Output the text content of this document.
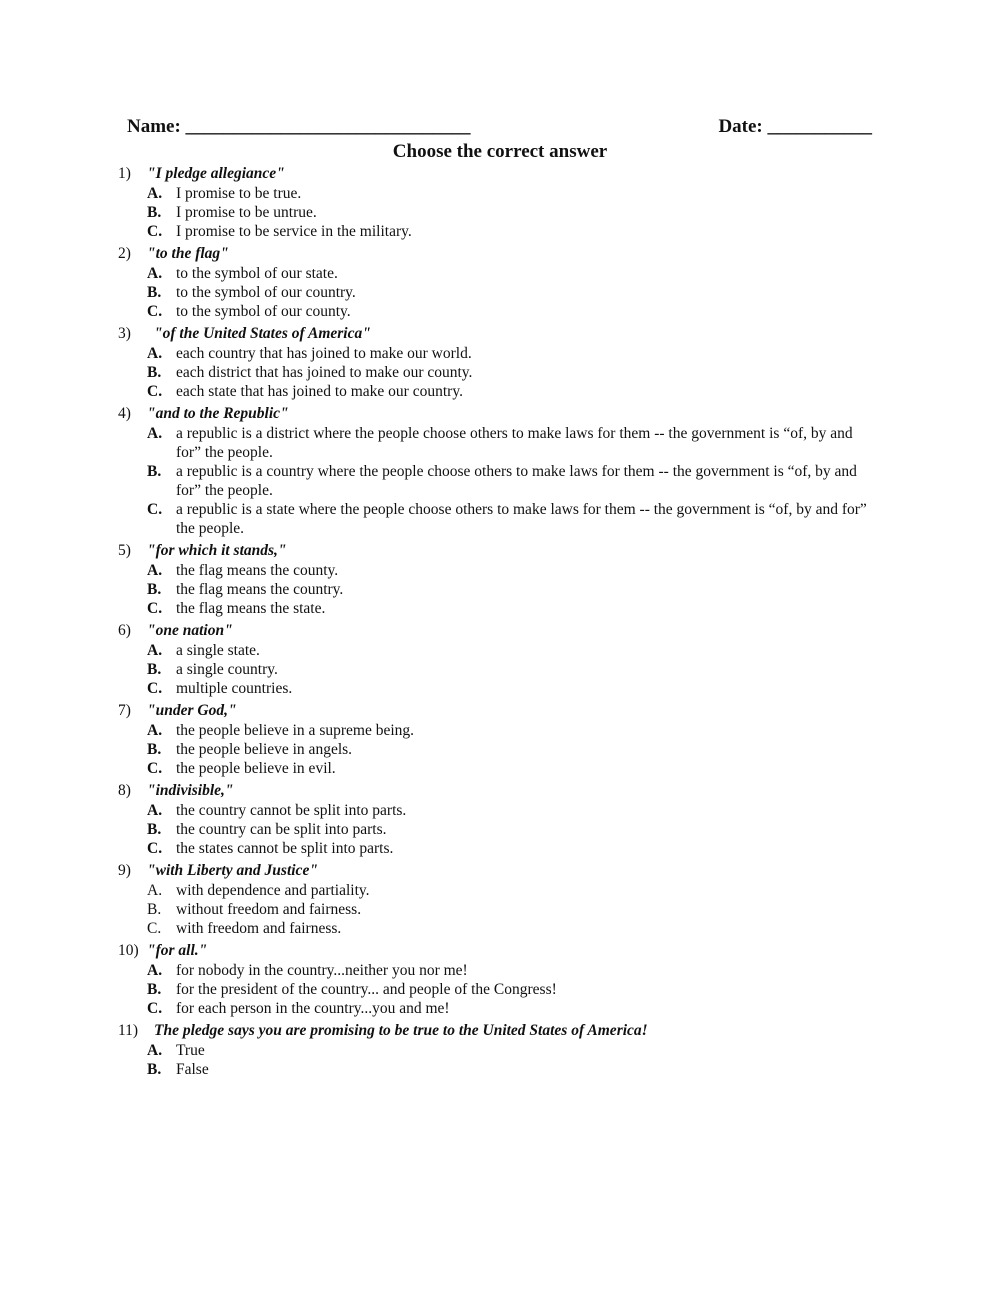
Name: ______________________________	Date: ___________
Choose the correct answer
1) "I pledge allegiance"
A. I promise to be true.
B. I promise to be untrue.
C. I promise to be service in the military.
2) "to the flag"
A. to the symbol of our state.
B. to the symbol of our country.
C. to the symbol of our county.
3) "of the United States of America"
A. each country that has joined to make our world.
B. each district that has joined to make our county.
C. each state that has joined to make our country.
4) "and to the Republic"
A. a republic is a district where the people choose others to make laws for them -- the government is “of, by and for” the people.
B. a republic is a country where the people choose others to make laws for them -- the government is “of, by and for” the people.
C. a republic is a state where the people choose others to make laws for them -- the government is “of, by and for” the people.
5) "for which it stands,"
A. the flag means the county.
B. the flag means the country.
C. the flag means the state.
6) "one nation"
A. a single state.
B. a single country.
C. multiple countries.
7) "under God,"
A. the people believe in a supreme being.
B. the people believe in angels.
C. the people believe in evil.
8) "indivisible,"
A. the country cannot be split into parts.
B. the country can be split into parts.
C. the states cannot be split into parts.
9) "with Liberty and Justice"
A. with dependence and partiality.
B. without freedom and fairness.
C. with freedom and fairness.
10) "for all."
A. for nobody in the country...neither you nor me!
B. for the president of the country... and people of the Congress!
C. for each person in the country...you and me!
11) The pledge says you are promising to be true to the United States of America!
A. True
B. False
